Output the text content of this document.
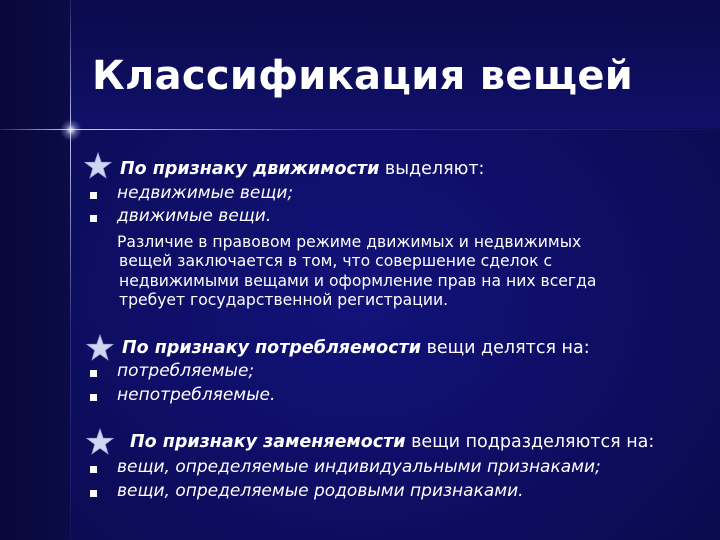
Классификация вещей
По признаку движимости выделяют:
недвижимые вещи;
движимые вещи.
Различие в правовом режиме движимых и недвижимых
вещей заключается в том, что совершение сделок с
недвижимыми вещами и оформление прав на них всегда
требует государственной регистрации.
По признаку потребляемости вещи делятся на:
потребляемые;
непотребляемые.
По признаку заменяемости вещи подразделяются на:
вещи, определяемые индивидуальными признаками;
вещи, определяемые родовыми признаками.
